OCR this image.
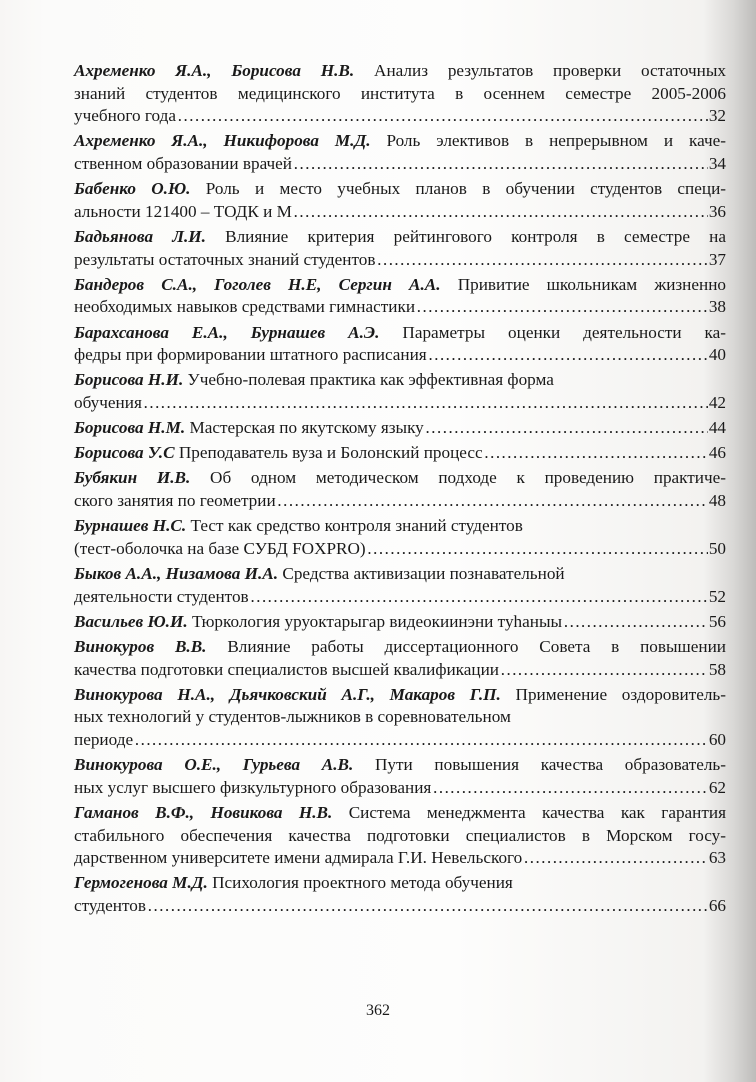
Ахременко Я.А., Борисова Н.В. Анализ результатов проверки остаточных
знаний студентов медицинского института в осеннем семестре 2005-2006
учебного года …………………………………………………………………………………………………………………………………………	32
Ахременко Я.А., Никифорова М.Д. Роль элективов в непрерывном и каче-
ственном образовании врачей …………………………………………………………………………………………………………………………………………	34
Бабенко О.Ю. Роль и место учебных планов в обучении студентов специ-
альности 121400 – ТОДК и М …………………………………………………………………………………………………………………………………………	36
Бадьянова Л.И. Влияние критерия рейтингового контроля в семестре на
результаты остаточных знаний студентов …………………………………………………………………………………………………………………………………………	37
Бандеров С.А., Гоголев Н.Е, Сергин А.А. Привитие школьникам жизненно
необходимых навыков средствами гимнастики …………………………………………………………………………………………………………………………………………	38
Барахсанова Е.А., Бурнашев А.Э. Параметры оценки деятельности ка-
федры при формировании штатного расписания …………………………………………………………………………………………………………………………………………	40
Борисова Н.И.
Учебно-полевая практика как эффективная форма
обучения …………………………………………………………………………………………………………………………………………	42
Борисова Н.М.
Мастерская по якутскому языку …………………………………………………………………………………………………………………………………………	44
Борисова У.С
Преподаватель вуза и Болонский процесс …………………………………………………………………………………………………………………………………………	46
Бубякин И.В. Об одном методическом подходе к проведению практиче-
ского занятия по геометрии …………………………………………………………………………………………………………………………………………	48
Бурнашев Н.С.
Тест как средство контроля знаний студентов
(тест-оболочка на базе СУБД FOXPRO) …………………………………………………………………………………………………………………………………………	50
Быков А.А., Низамова И.А.
Средства активизации познавательной
деятельности студентов …………………………………………………………………………………………………………………………………………	52
Васильев Ю.И.
Тюркология уруоктарыгар видеокиинэни туһаныы …………………………………………………………………………………………………………………………………………	56
Винокуров В.В. Влияние работы диссертационного Совета в повышении
качества подготовки специалистов высшей квалификации …………………………………………………………………………………………………………………………………………	58
Винокурова Н.А., Дьячковский А.Г., Макаров Г.П. Применение оздоровитель-
ных технологий у студентов-лыжников в соревновательном
периоде …………………………………………………………………………………………………………………………………………	60
Винокурова О.Е., Гурьева А.В. Пути повышения качества образователь-
ных услуг высшего физкультурного образования …………………………………………………………………………………………………………………………………………	62
Гаманов В.Ф., Новикова Н.В. Система менеджмента качества как гарантия
стабильного обеспечения качества подготовки специалистов в Морском госу-
дарственном университете имени адмирала Г.И. Невельского …………………………………………………………………………………………………………………………………………	63
Гермогенова М.Д.
Психология проектного метода обучения
студентов …………………………………………………………………………………………………………………………………………	66
362
